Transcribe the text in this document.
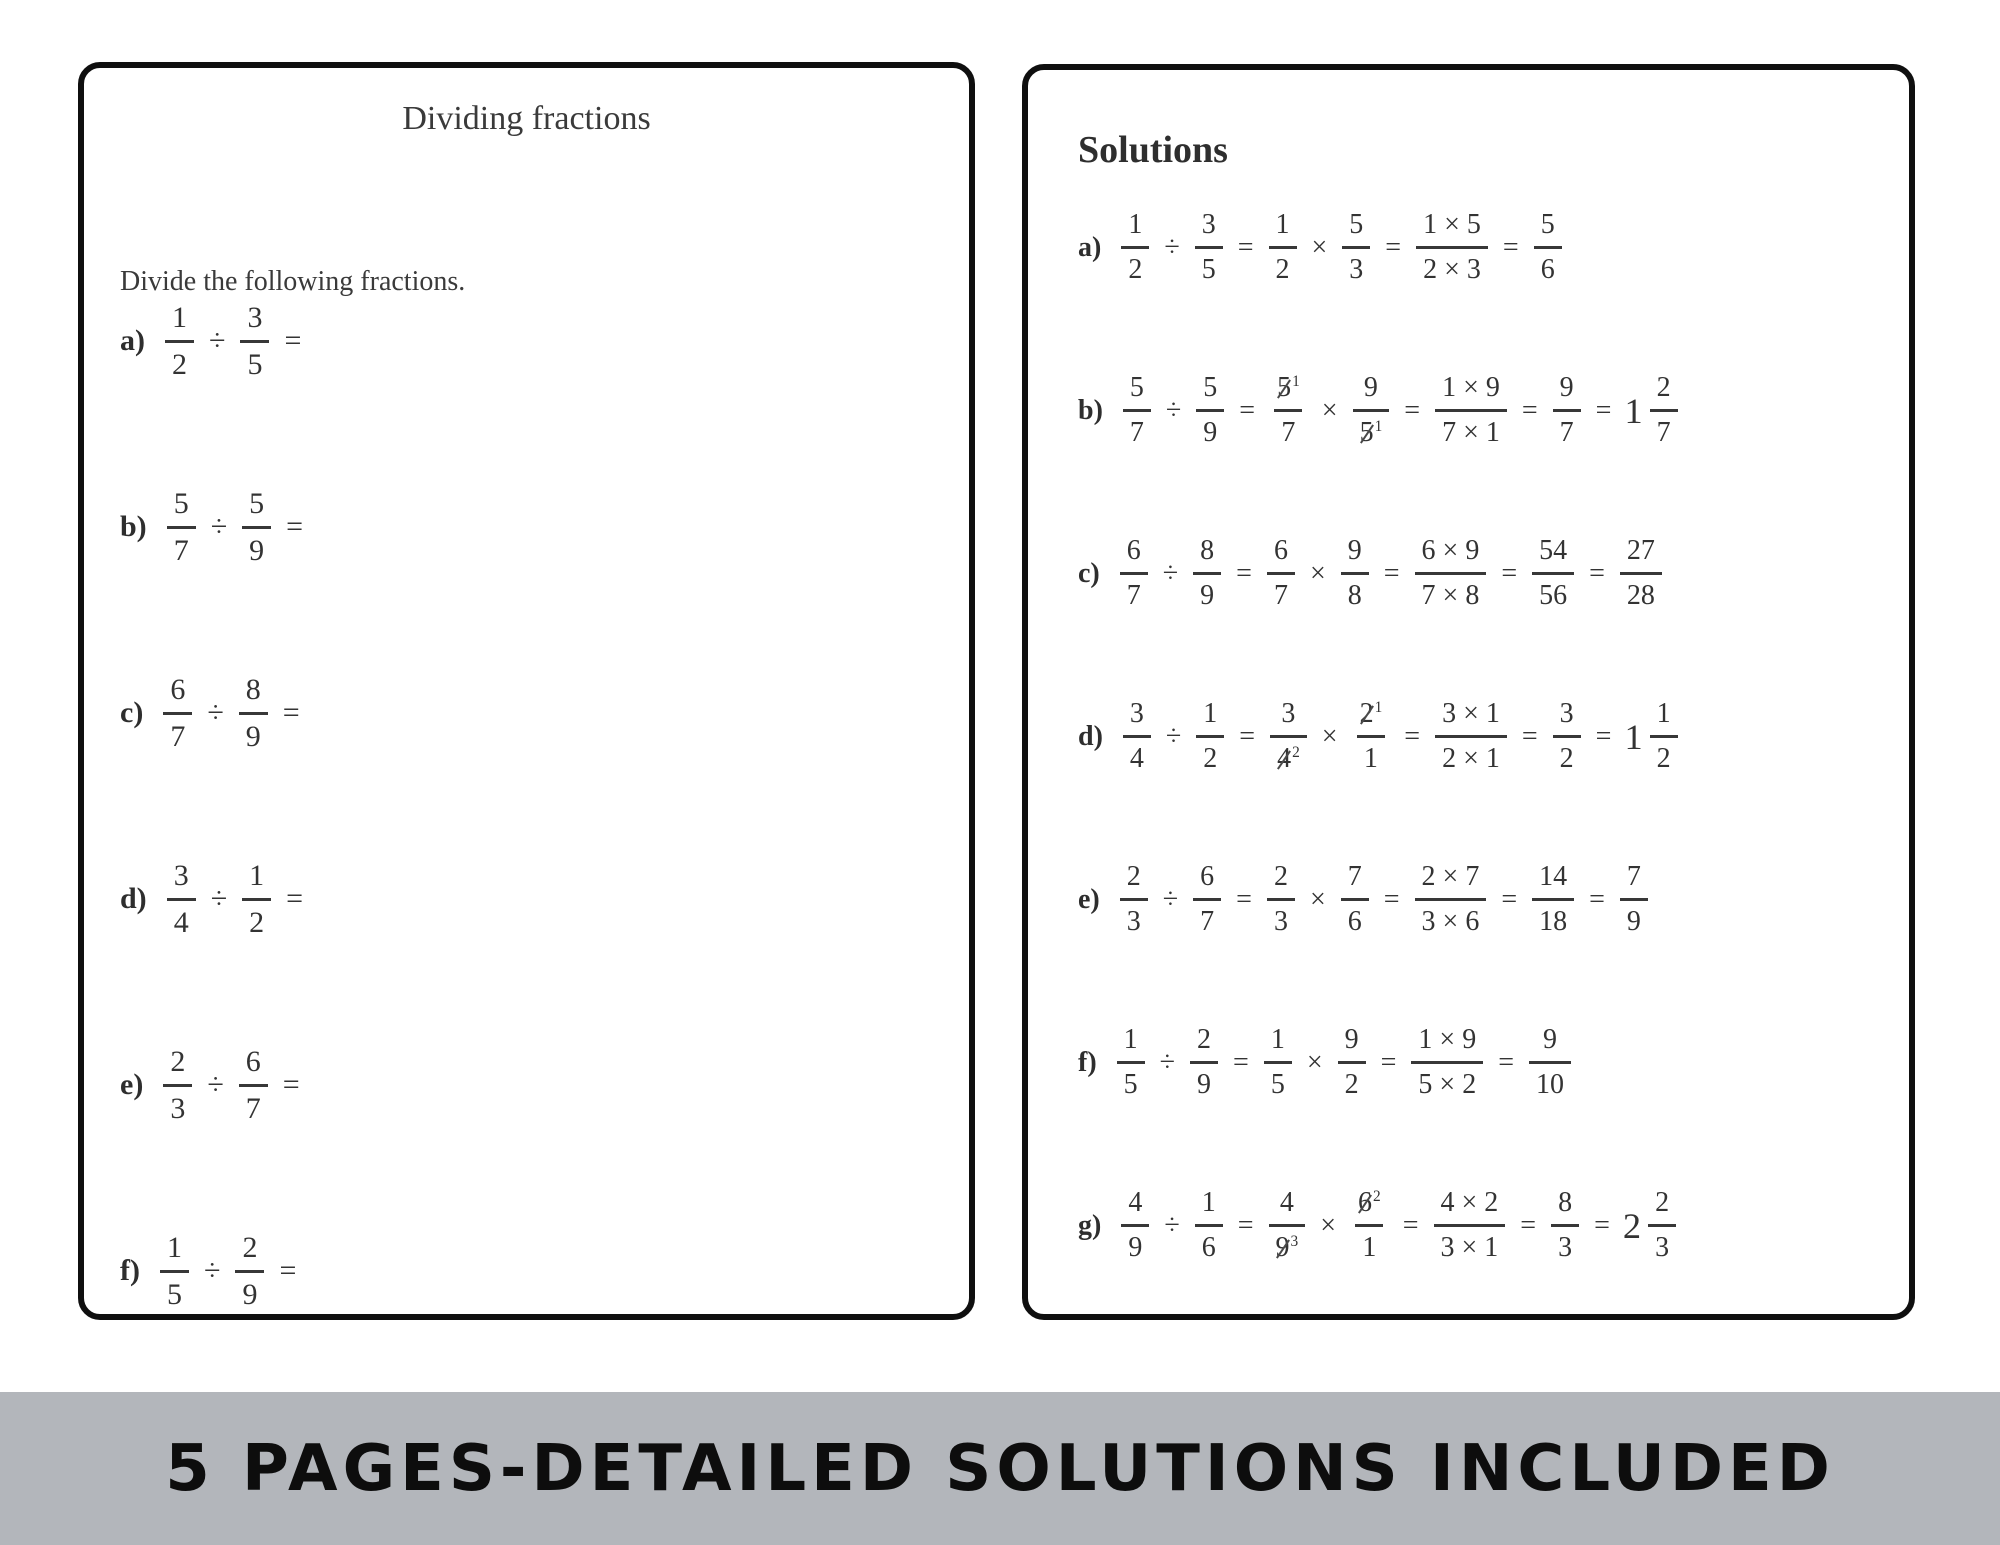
Dividing fractions
Divide the following fractions.
$a) \frac{1}{2} \div \frac{3}{5}$ =
$b) \frac{5}{7} \div \frac{5}{9}$ =
$c) \frac{6}{7} \div \frac{8}{9}$ =
$d) \frac{3}{4} \div \frac{1}{2}$ =
$e) \frac{2}{3} \div \frac{6}{7}$ =
$f) \frac{1}{5} \div \frac{2}{9}$ =
Solutions
$a) \frac{1}{2} \div \frac{3}{5} = \frac{1}{2} \times \frac{5}{3} = \frac{1 \times 5}{2 \times 3} = \frac{5}{6}$
$b) \frac{5}{7} \div \frac{5}{9} = \frac{5^1}{7} \times \frac{9}{5^1} = \frac{1 \times 9}{7 \times 1} = \frac{9}{7} = 1 \frac{2}{7}$
$c) \frac{6}{7} \div \frac{8}{9} = \frac{6}{7} \times \frac{9}{8} = \frac{6 \times 9}{7 \times 8} = \frac{54}{56} = \frac{27}{28}$
$d) \frac{3}{4} \div \frac{1}{2} = \frac{3}{4^2} \times \frac{2^1}{1} = \frac{3 \times 1}{2 \times 1} = \frac{3}{2} = 1 \frac{1}{2}$
$e) \frac{2}{3} \div \frac{6}{7} = \frac{2}{3} \times \frac{7}{6} = \frac{2 \times 7}{3 \times 6} = \frac{14}{18} = \frac{7}{9}$
$f) \frac{1}{5} \div \frac{2}{9} = \frac{1}{5} \times \frac{9}{2} = \frac{1 \times 9}{5 \times 2} = \frac{9}{10}$
$g) \frac{4}{9} \div \frac{1}{6} = \frac{4}{9^3} \times \frac{6^2}{1} = \frac{4 \times 2}{3 \times 1} = \frac{8}{3} = 2 \frac{2}{3}$
5 PAGES-DETAILED SOLUTIONS INCLUDED
